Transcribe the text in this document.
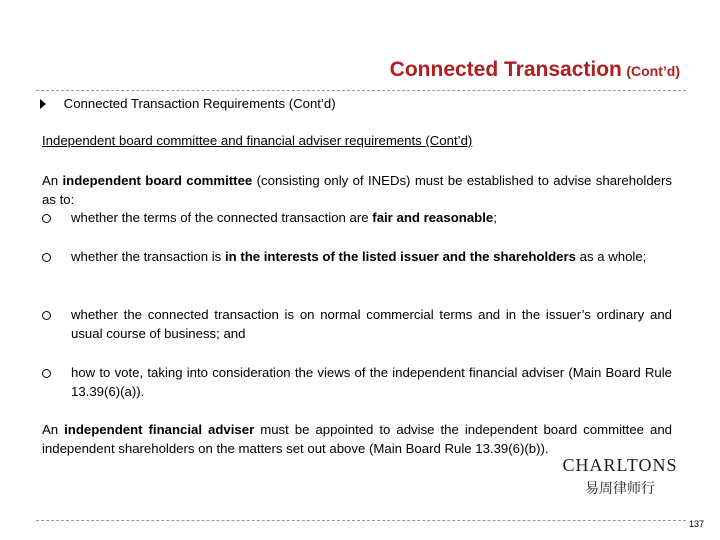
Connected Transaction (Cont’d)
Connected Transaction Requirements (Cont’d)
Independent board committee and financial adviser requirements (Cont’d)
An independent board committee (consisting only of INEDs) must be established to advise shareholders as to:
whether the terms of the connected transaction are fair and reasonable;
whether the transaction is in the interests of the listed issuer and the shareholders as a whole;
whether the connected transaction is on normal commercial terms and in the issuer’s ordinary and usual course of business; and
how to vote, taking into consideration the views of the independent financial adviser (Main Board Rule 13.39(6)(a)).
An independent financial adviser must be appointed to advise the independent board committee and independent shareholders on the matters set out above (Main Board Rule 13.39(6)(b)).
CHARLTONS
易周律师行
137
